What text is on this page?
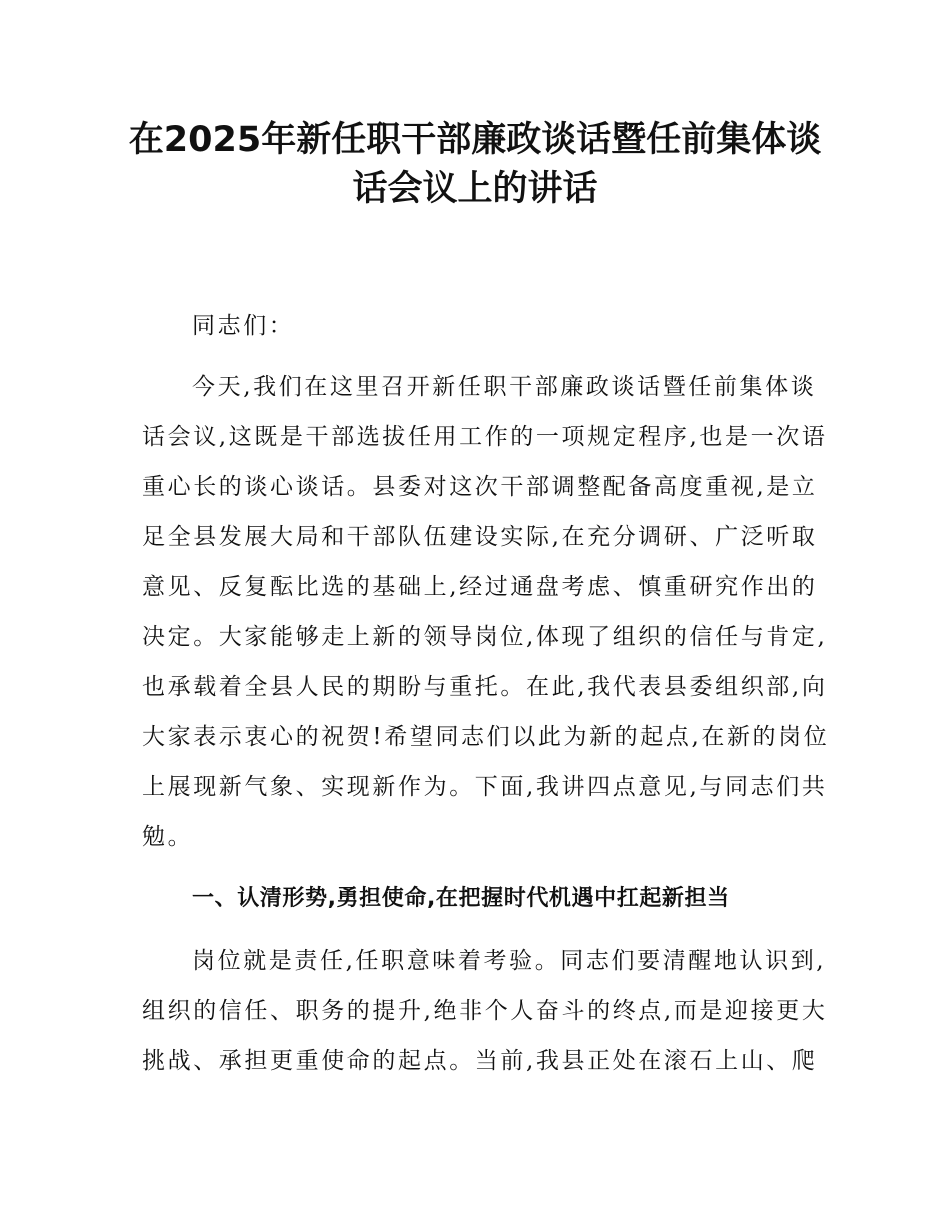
在2025年新任职干部廉政谈话暨任前集体谈
话会议上的讲话

同志们：

今天,我们在这里召开新任职干部廉政谈话暨任前集体谈

话会议,这既是干部选拔任用工作的一项规定程序,也是一次语

重心长的谈心谈话。县委对这次干部调整配备高度重视,是立

足全县发展大局和干部队伍建设实际,在充分调研、广泛听取

意见、反复酝比选的基础上,经过通盘考虑、慎重研究作出的

决定。大家能够走上新的领导岗位,体现了组织的信任与肯定,

也承载着全县人民的期盼与重托。在此,我代表县委组织部,向

大家表示衷心的祝贺!希望同志们以此为新的起点,在新的岗位

上展现新气象、实现新作为。下面,我讲四点意见,与同志们共

勉。

一、认清形势,勇担使命,在把握时代机遇中扛起新担当

岗位就是责任,任职意味着考验。同志们要清醒地认识到,

组织的信任、职务的提升,绝非个人奋斗的终点,而是迎接更大

挑战、承担更重使命的起点。当前,我县正处在滚石上山、爬
